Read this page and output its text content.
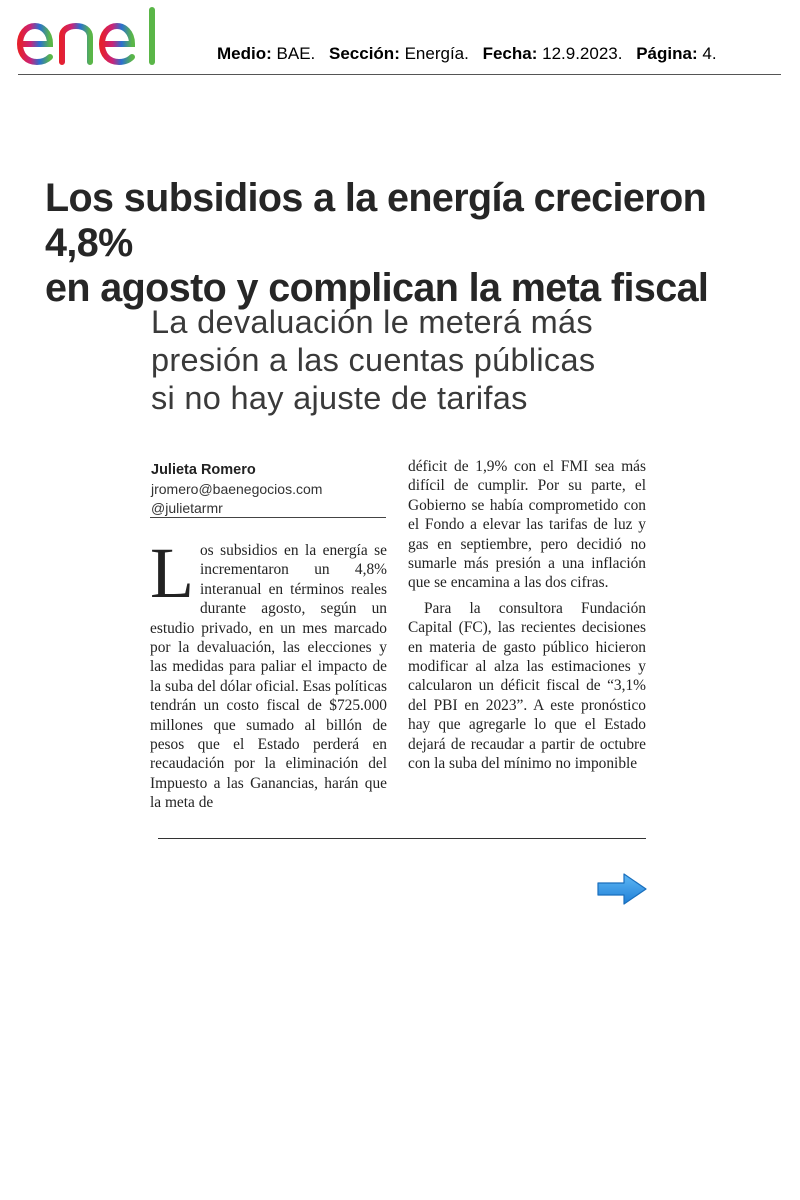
Medio: BAE. Sección: Energía. Fecha: 12.9.2023. Página: 4.
Los subsidios a la energía crecieron 4,8%
en agosto y complican la meta fiscal
La devaluación le meterá más
presión a las cuentas públicas
si no hay ajuste de tarifas
Julieta Romero
jromero@baenegocios.com
@julietarmr

Los subsidios en la energía se incrementaron un 4,8% interanual en términos reales durante agosto, según un estudio privado, en un mes marcado por la devaluación, las elecciones y las medidas para paliar el impacto de la suba del dólar oficial. Esas políticas tendrán un costo fiscal de $725.000 millones que sumado al billón de pesos que el Estado perderá en recaudación por la eliminación del Impuesto a las Ganancias, harán que la meta de

déficit de 1,9% con el FMI sea más difícil de cumplir. Por su parte, el Gobierno se había comprometido con el Fondo a elevar las tarifas de luz y gas en septiembre, pero decidió no sumarle más presión a una inflación que se encamina a las dos cifras.

Para la consultora Fundación Capital (FC), las recientes decisiones en materia de gasto público hicieron modificar al alza las estimaciones y calcularon un déficit fiscal de “3,1% del PBI en 2023”. A este pronóstico hay que agregarle lo que el Estado dejará de recaudar a partir de octubre con la suba del mínimo no imponible
